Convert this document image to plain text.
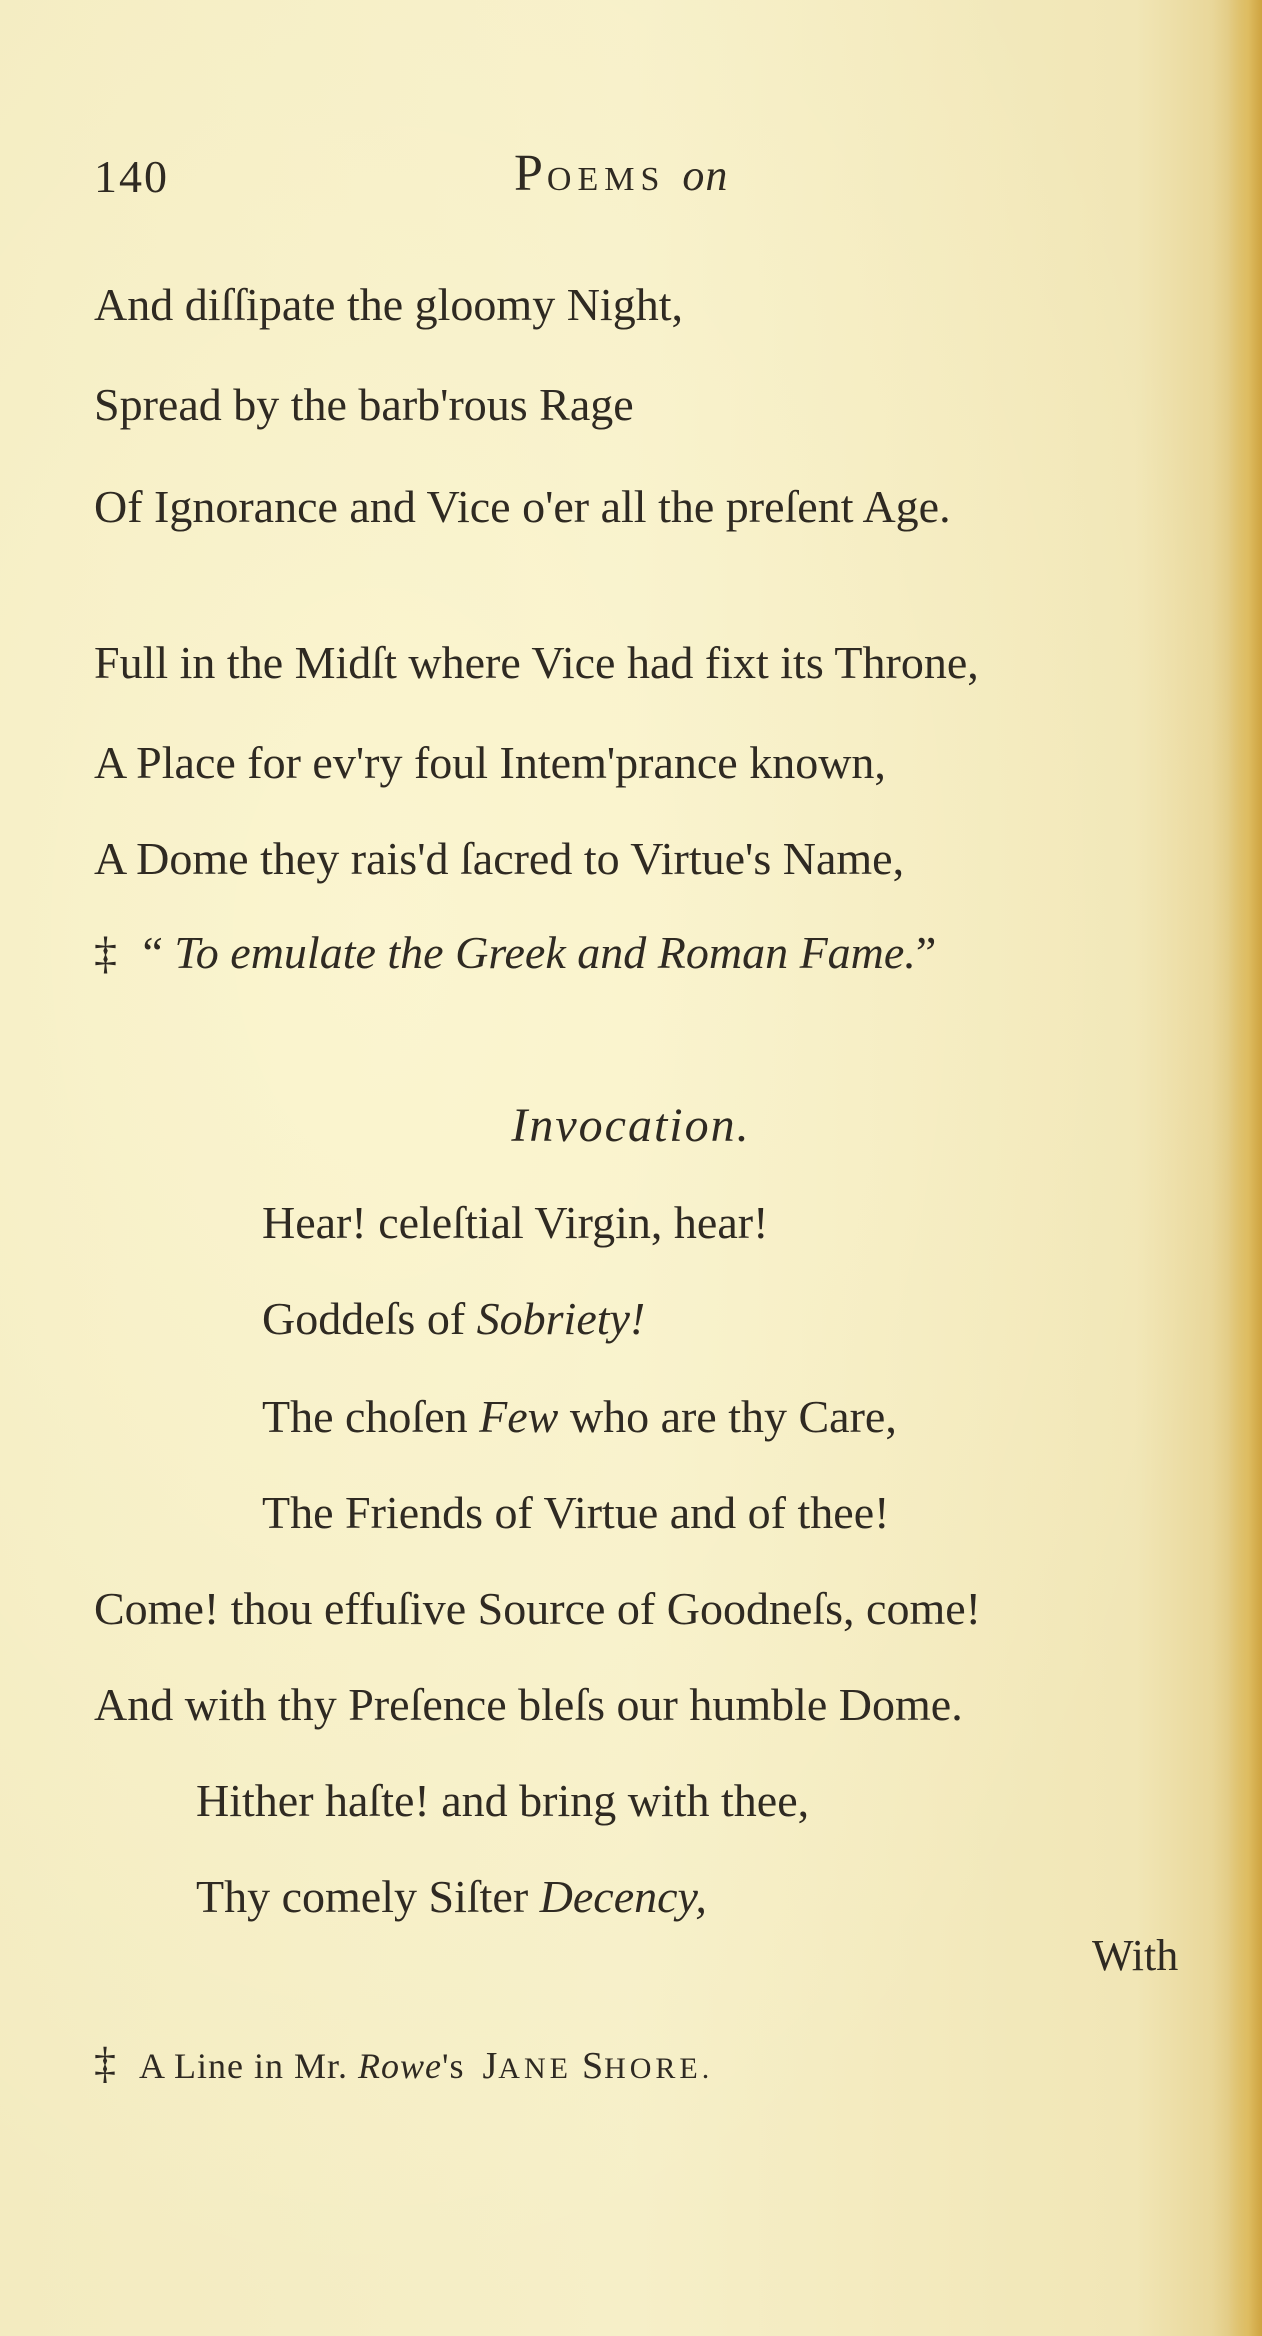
140	POEMS on
And diſſipate the gloomy Night,
Spread by the barb'rous Rage
Of Ignorance and Vice o'er all the preſent Age.
Full in the Midſt where Vice had fixt its Throne,
A Place for ev'ry foul Intem'prance known,
A Dome they rais'd ſacred to Virtue's Name,
‡ “ To emulate the Greek and Roman Fame.”
Invocation.
Hear! celeſtial Virgin, hear!
Goddeſs of Sobriety!
The choſen Few who are thy Care,
The Friends of Virtue and of thee!
Come! thou effuſive Source of Goodneſs, come!
And with thy Preſence bleſs our humble Dome.
Hither haſte! and bring with thee,
Thy comely Siſter Decency,
With
‡ A Line in Mr. Rowe's JANE SHORE.
